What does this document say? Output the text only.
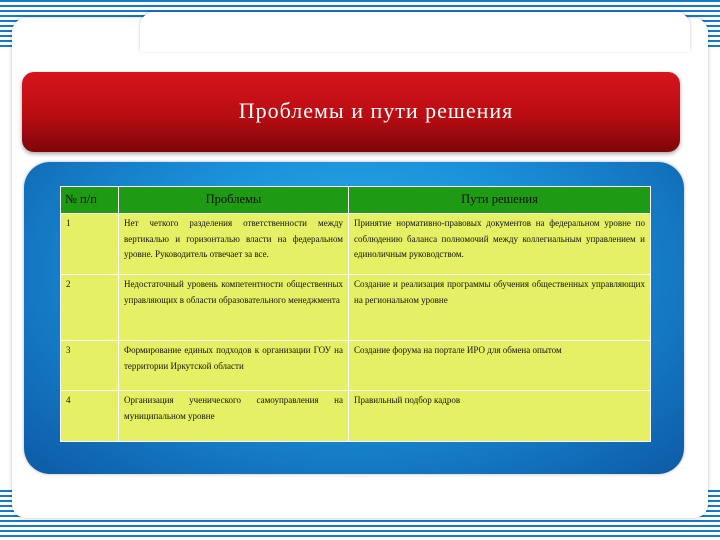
Проблемы и пути решения
№ п/п	Проблемы	Пути решения
1	Нет четкого разделения ответственности между вертикалью и горизонталью власти на федеральном уровне. Руководитель отвечает за все.	Принятие нормативно-правовых документов на федеральном уровне по соблюдению баланса полномочий между коллегиальным управлением и единоличным руководством.
2	Недостаточный уровень компетентности общественных управляющих в области образовательного менеджмента	Создание и реализация программы обучения общественных управляющих на региональном уровне
3	Формирование единых подходов к организации ГОУ на территории Иркутской области	Создание форума на портале ИРО для обмена опытом
4	Организация ученического самоуправления на муниципальном уровне	Правильный подбор кадров
